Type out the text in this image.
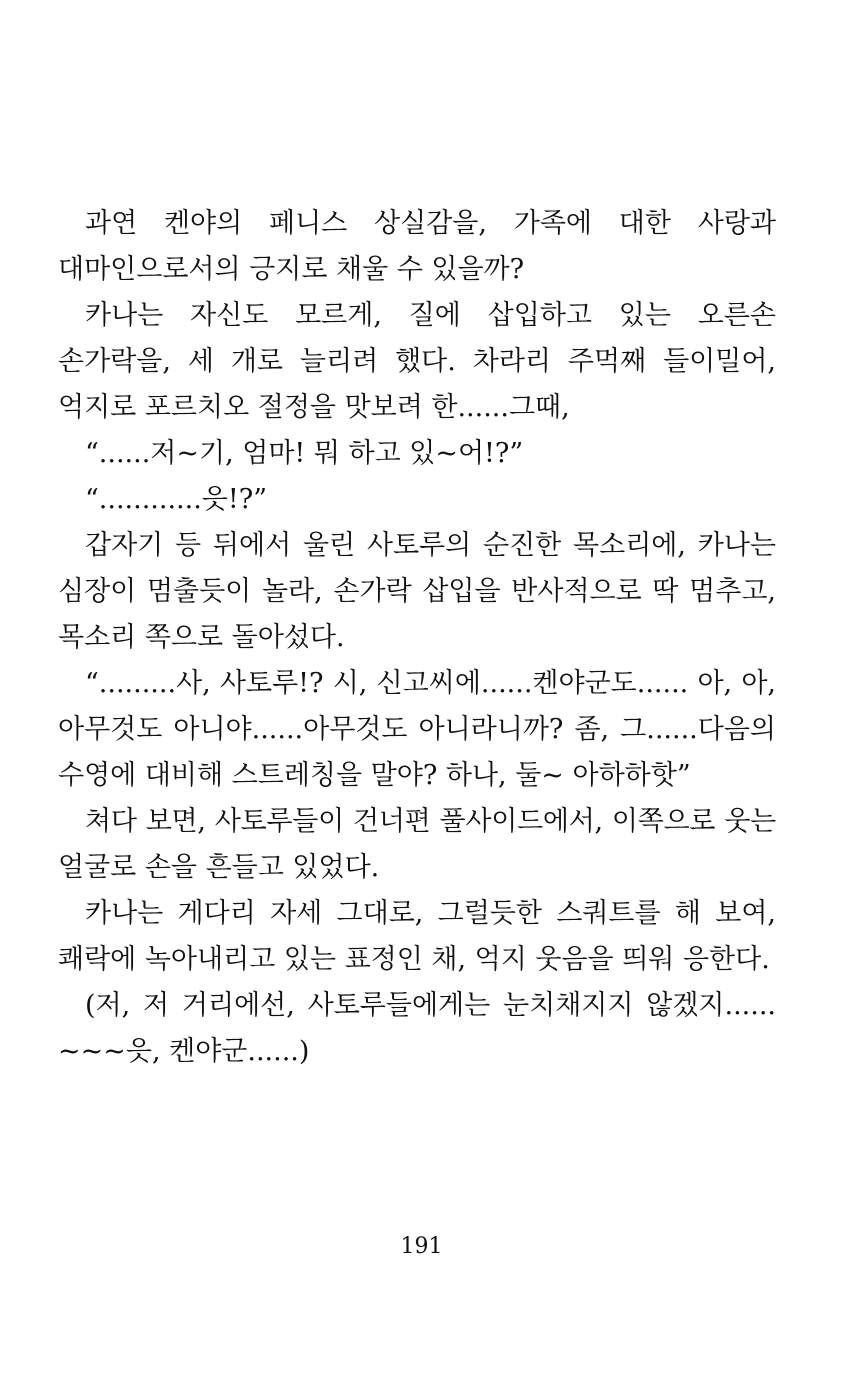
과연 켄야의 페니스 상실감을, 가족에 대한 사랑과
대마인으로서의 긍지로 채울 수 있을까?

카나는 자신도 모르게, 질에 삽입하고 있는 오른손
손가락을, 세 개로 늘리려 했다. 차라리 주먹째 들이밀어,
억지로 포르치오 절정을 맛보려 한......그때,

“......저~기, 엄마! 뭐 하고 있~어!?”

“............읏!?”

갑자기 등 뒤에서 울린 사토루의 순진한 목소리에, 카나는
심장이 멈출듯이 놀라, 손가락 삽입을 반사적으로 딱 멈추고,
목소리 쪽으로 돌아섰다.

“.........사, 사토루!? 시, 신고씨에......켄야군도...... 아, 아,
아무것도 아니야......아무것도 아니라니까? 좀, 그......다음의
수영에 대비해 스트레칭을 말야? 하나, 둘~ 아하하핫”

쳐다 보면, 사토루들이 건너편 풀사이드에서, 이쪽으로 웃는
얼굴로 손을 흔들고 있었다.

카나는 게다리 자세 그대로, 그럴듯한 스쿼트를 해 보여,
쾌락에 녹아내리고 있는 표정인 채, 억지 웃음을 띄워 응한다.

(저, 저 거리에선, 사토루들에게는 눈치채지지 않겠지......
~~~읏, 켄야군......)

191
